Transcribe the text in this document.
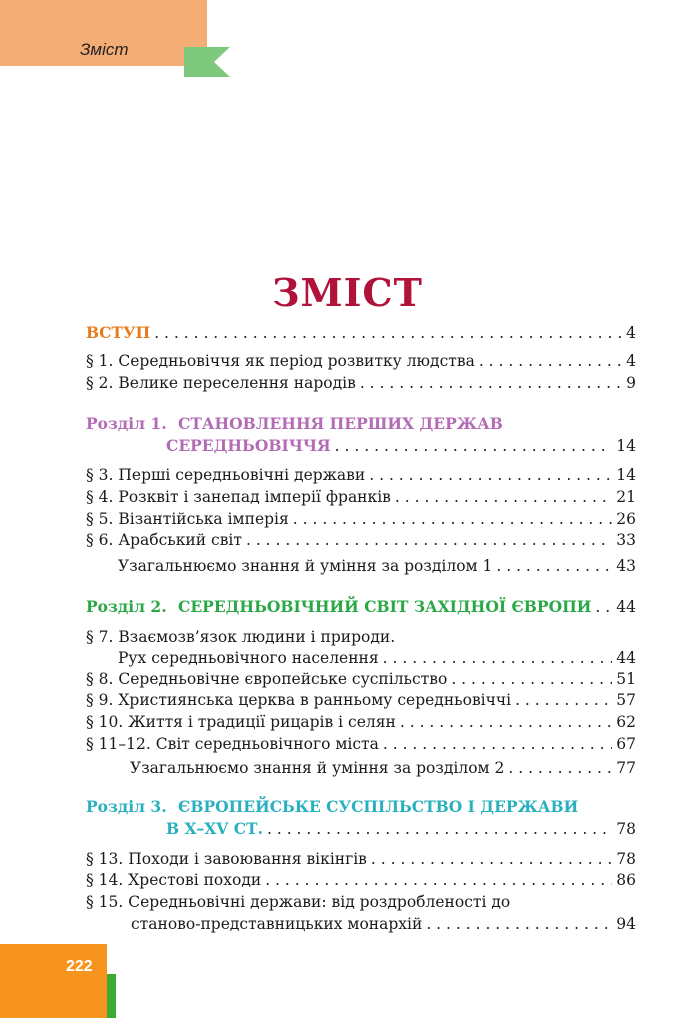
Зміст
ЗМІСТ
ВСТУП . . .	4
§ 1. Середньовіччя як період розвитку людства . . .	4
§ 2. Велике переселення народів . . .	9
Розділ 1. СТАНОВЛЕННЯ ПЕРШИХ ДЕРЖАВ
СЕРЕДНЬОВІЧЧЯ . . .	14
§ 3. Перші середньовічні держави . . .	14
§ 4. Розквіт і занепад імперії франків . . .	21
§ 5. Візантійська імперія . . .	26
§ 6. Арабський світ . . .	33
Узагальнюємо знання й уміння за розділом 1 . . .	43
Розділ 2. СЕРЕДНЬОВІЧНИЙ СВІТ ЗАХІДНОЇ ЄВРОПИ . . . 44
§ 7. Взаємозв’язок людини і природи.
Рух середньовічного населення . . .	44
§ 8. Середньовічне європейське суспільство . . .	51
§ 9. Християнська церква в ранньому середньовіччі . . .	57
§ 10. Життя і традиції рицарів і селян . . .	62
§ 11–12. Світ середньовічного міста . . .	67
Узагальнюємо знання й уміння за розділом 2 . . .	77
Розділ 3. ЄВРОПЕЙСЬКЕ СУСПІЛЬСТВО І ДЕРЖАВИ
В Х–ХV СТ. . . .	78
§ 13. Походи і завоювання вікінгів . . .	78
§ 14. Хрестові походи . . .	86
§ 15. Середньовічні держави: від роздробленості до
станово-представницьких монархій . . .	94
222
